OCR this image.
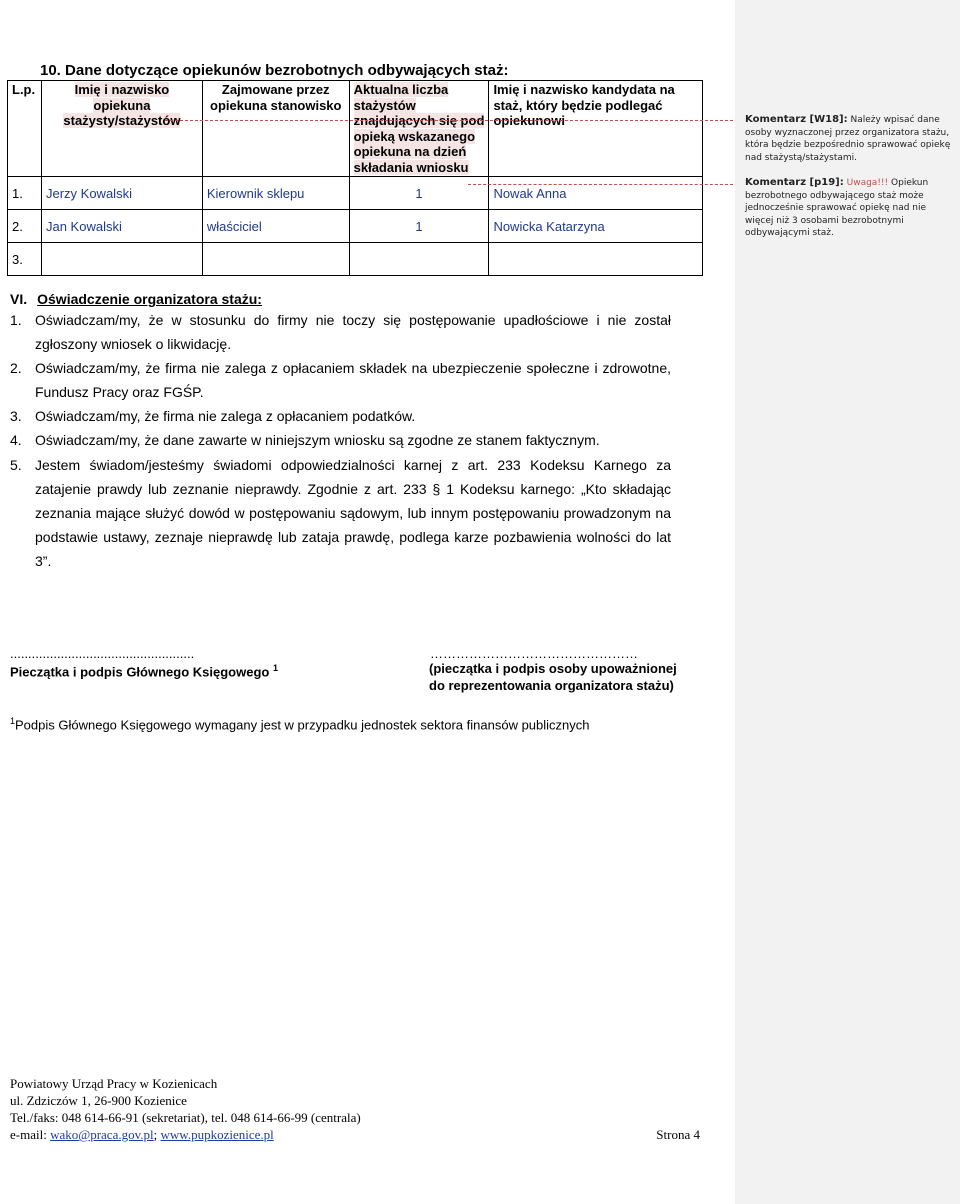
10. Dane dotyczące opiekunów bezrobotnych odbywających staż:
L.p.	Imię i nazwisko opiekuna stażysty/stażystów	Zajmowane przez opiekuna stanowisko	Aktualna liczba stażystów znajdujących się pod opieką wskazanego opiekuna na dzień składania wniosku	Imię i nazwisko kandydata na staż, który będzie podlegać opiekunowi
1.	Jerzy Kowalski	Kierownik sklepu	1	Nowak Anna
2.	Jan Kowalski	właściciel	1	Nowicka Katarzyna
3.				
VI. Oświadczenie organizatora stażu:
1. Oświadczam/my, że w stosunku do firmy nie toczy się postępowanie upadłościowe i nie został zgłoszony wniosek o likwidację.
2. Oświadczam/my, że firma nie zalega z opłacaniem składek na ubezpieczenie społeczne i zdrowotne, Fundusz Pracy oraz FGŚP.
3. Oświadczam/my, że firma nie zalega z opłacaniem podatków.
4. Oświadczam/my, że dane zawarte w niniejszym wniosku są zgodne ze stanem faktycznym.
5. Jestem świadom/jesteśmy świadomi odpowiedzialności karnej z art. 233 Kodeksu Karnego za zatajenie prawdy lub zeznanie nieprawdy. Zgodnie z art. 233 § 1 Kodeksu karnego: „Kto składając zeznania mające służyć dowód w postępowaniu sądowym, lub innym postępowaniu prowadzonym na podstawie ustawy, zeznaje nieprawdę lub zataja prawdę, podlega karze pozbawienia wolności do lat 3”.
...................................................
Pieczątka i podpis Głównego Księgowego $^1$
…………………………………………
(pieczątka i podpis osoby upoważnionej
do reprezentowania organizatora stażu)
$^1$Podpis Głównego Księgowego wymagany jest w przypadku jednostek sektora finansów publicznych
Powiatowy Urząd Pracy w Kozienicach
ul. Zdziczów 1, 26-900 Kozienice
Tel./faks: 048 614-66-91 (sekretariat), tel. 048 614-66-99 (centrala)
e-mail: wako@praca.gov.pl; www.pupkozienice.pl	Strona 4
Komentarz [W18]: Należy wpisać dane osoby wyznaczonej przez organizatora stażu, która będzie bezpośrednio sprawować opiekę nad stażystą/stażystami.
Komentarz [p19]: Uwaga!!! Opiekun bezrobotnego odbywającego staż może jednocześnie sprawować opiekę nad nie więcej niż 3 osobami bezrobotnymi odbywającymi staż.
